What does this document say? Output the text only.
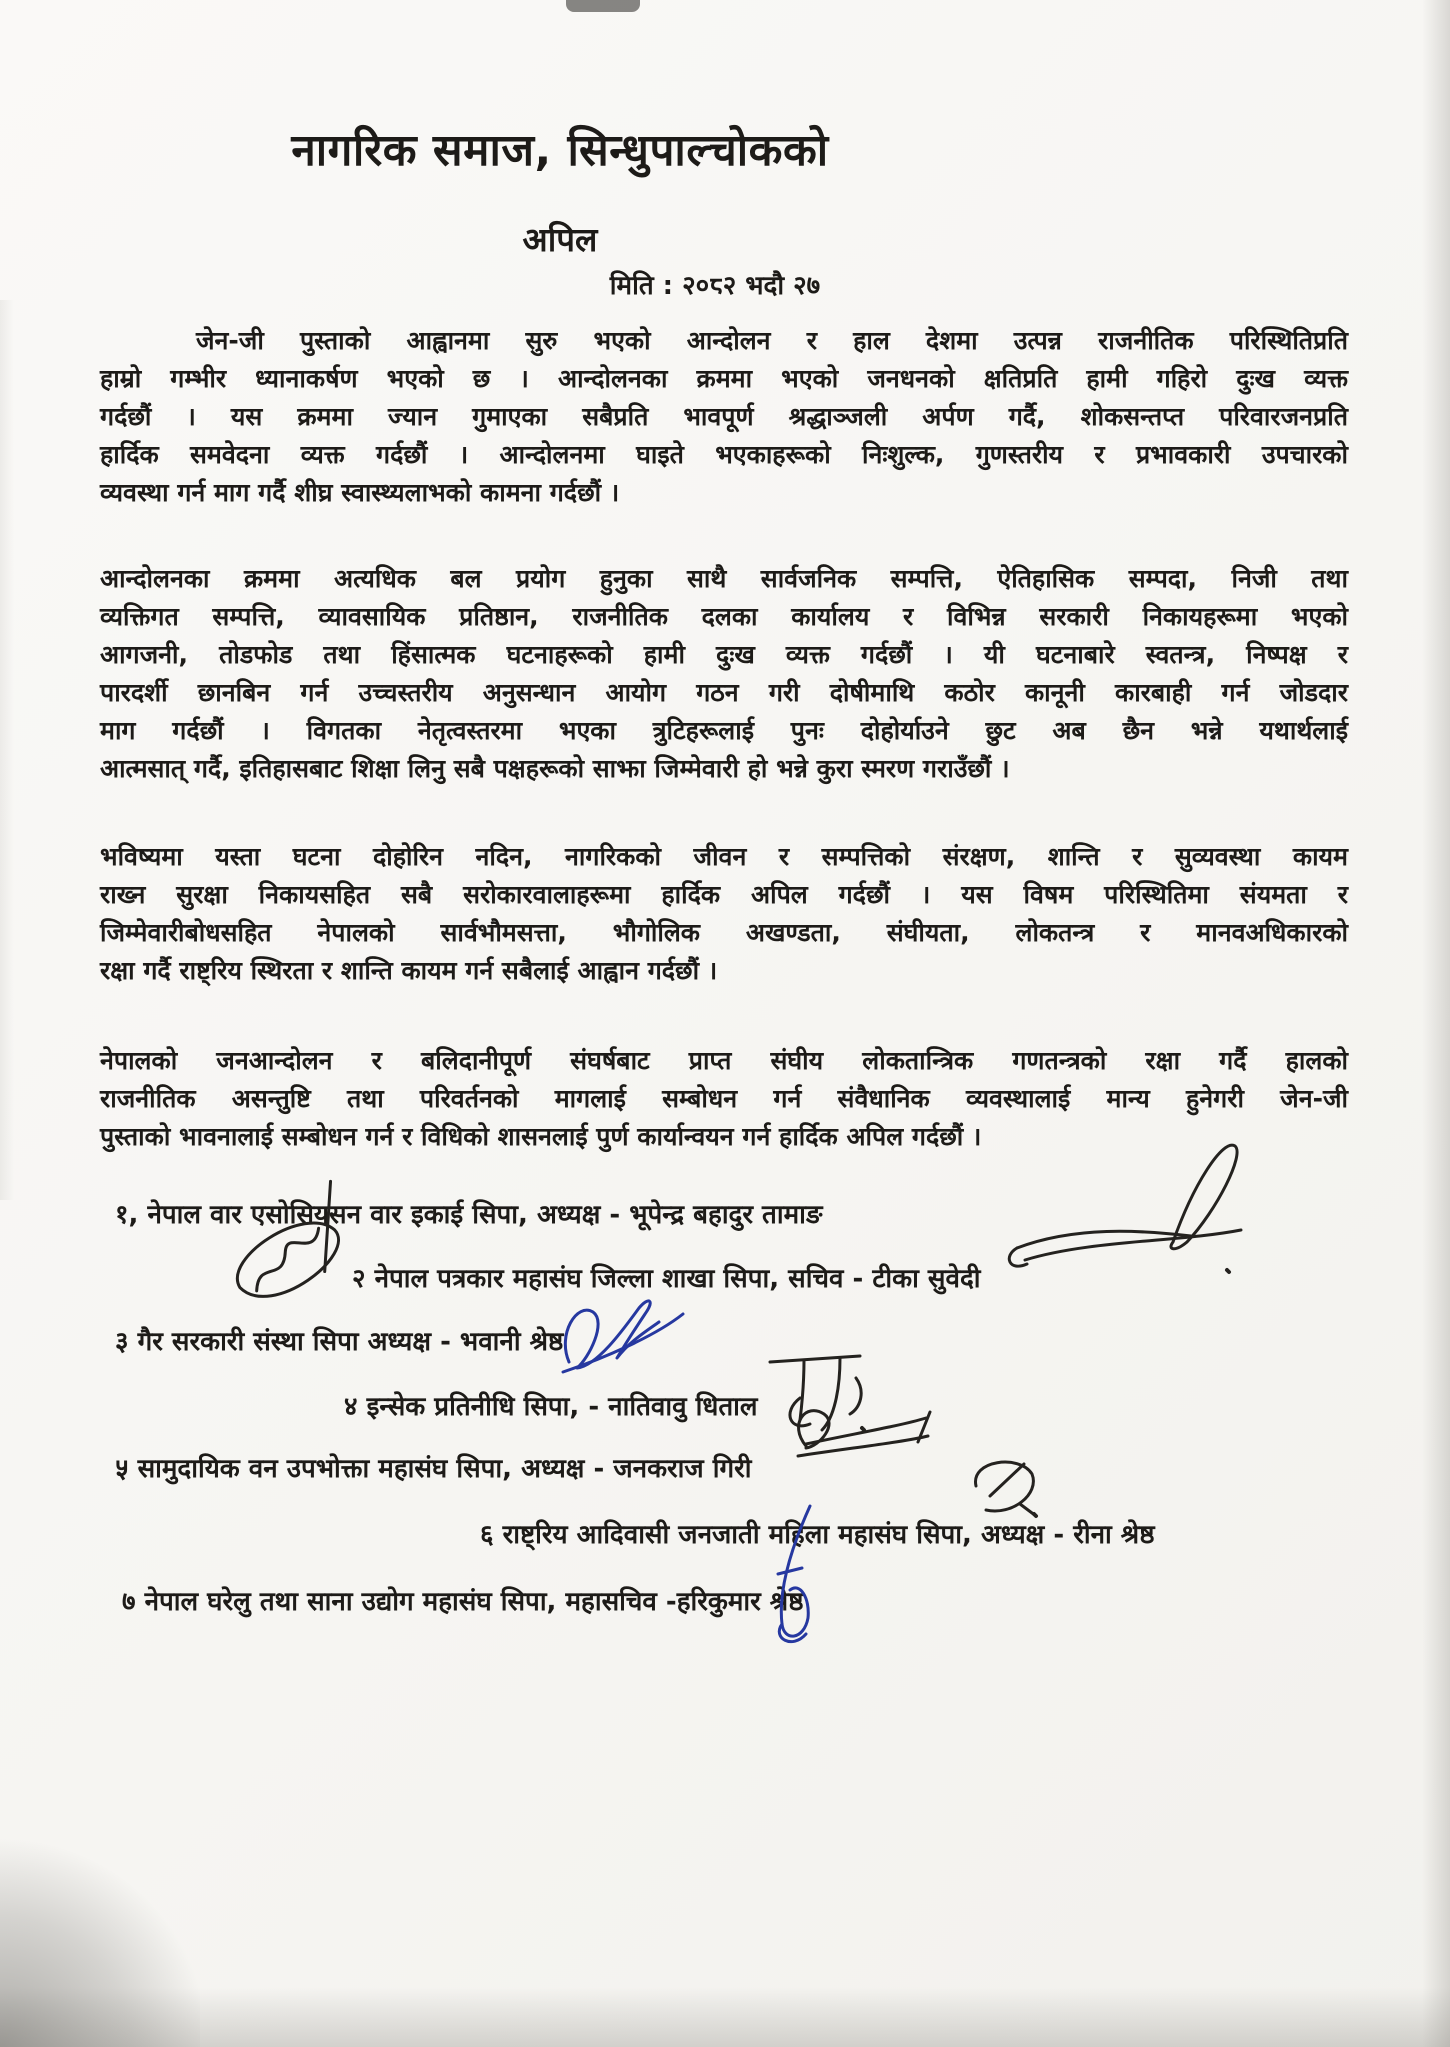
नागरिक समाज, सिन्धुपाल्चोकको
अपिल
मिति : २०८२ भदौ २७
जेन-जी पुस्ताको आह्वानमा सुरु भएको आन्दोलन र हाल देशमा उत्पन्न राजनीतिक परिस्थितिप्रति
हाम्रो गम्भीर ध्यानाकर्षण भएको छ । आन्दोलनका क्रममा भएको जनधनको क्षतिप्रति हामी गहिरो दुःख व्यक्त
गर्दछौं । यस क्रममा ज्यान गुमाएका सबैप्रति भावपूर्ण श्रद्धाञ्जली अर्पण गर्दै, शोकसन्तप्त परिवारजनप्रति
हार्दिक समवेदना व्यक्त गर्दछौं । आन्दोलनमा घाइते भएकाहरूको निःशुल्क, गुणस्तरीय र प्रभावकारी उपचारको
व्यवस्था गर्न माग गर्दै शीघ्र स्वास्थ्यलाभको कामना गर्दछौं ।
आन्दोलनका क्रममा अत्यधिक बल प्रयोग हुनुका साथै सार्वजनिक सम्पत्ति, ऐतिहासिक सम्पदा, निजी तथा
व्यक्तिगत सम्पत्ति, व्यावसायिक प्रतिष्ठान, राजनीतिक दलका कार्यालय र विभिन्न सरकारी निकायहरूमा भएको
आगजनी, तोडफोड तथा हिंसात्मक घटनाहरूको हामी दुःख व्यक्त गर्दछौं । यी घटनाबारे स्वतन्त्र, निष्पक्ष र
पारदर्शी छानबिन गर्न उच्चस्तरीय अनुसन्धान आयोग गठन गरी दोषीमाथि कठोर कानूनी कारबाही गर्न जोडदार
माग गर्दछौं । विगतका नेतृत्वस्तरमा भएका त्रुटिहरूलाई पुनः दोहोर्याउने छुट अब छैन भन्ने यथार्थलाई
आत्मसात् गर्दै, इतिहासबाट शिक्षा लिनु सबै पक्षहरूको साझा जिम्मेवारी हो भन्ने कुरा स्मरण गराउँछौं ।
भविष्यमा यस्ता घटना दोहोरिन नदिन, नागरिकको जीवन र सम्पत्तिको संरक्षण, शान्ति र सुव्यवस्था कायम
राख्न सुरक्षा निकायसहित सबै सरोकारवालाहरूमा हार्दिक अपिल गर्दछौं । यस विषम परिस्थितिमा संयमता र
जिम्मेवारीबोधसहित नेपालको सार्वभौमसत्ता, भौगोलिक अखण्डता, संघीयता, लोकतन्त्र र मानवअधिकारको
रक्षा गर्दै राष्ट्रिय स्थिरता र शान्ति कायम गर्न सबैलाई आह्वान गर्दछौं ।
नेपालको जनआन्दोलन र बलिदानीपूर्ण संघर्षबाट प्राप्त संघीय लोकतान्त्रिक गणतन्त्रको रक्षा गर्दै हालको
राजनीतिक असन्तुष्टि तथा परिवर्तनको मागलाई सम्बोधन गर्न संवैधानिक व्यवस्थालाई मान्य हुनेगरी जेन-जी
पुस्ताको भावनालाई सम्बोधन गर्न र विधिको शासनलाई पुर्ण कार्यान्वयन गर्न हार्दिक अपिल गर्दछौं ।
१, नेपाल वार एसोसियसन वार इकाई सिपा, अध्यक्ष - भूपेन्द्र बहादुर तामाङ
२ नेपाल पत्रकार महासंघ जिल्ला शाखा सिपा, सचिव - टीका सुवेदी
३ गैर सरकारी संस्था सिपा अध्यक्ष - भवानी श्रेष्ठ
४ इन्सेक प्रतिनीधि सिपा, - नातिवावु धिताल
५ सामुदायिक वन उपभोक्ता महासंघ सिपा, अध्यक्ष - जनकराज गिरी
६ राष्ट्रिय आदिवासी जनजाती महिला महासंघ सिपा, अध्यक्ष - रीना श्रेष्ठ
७ नेपाल घरेलु तथा साना उद्योग महासंघ सिपा, महासचिव -हरिकुमार श्रेष्ठ
